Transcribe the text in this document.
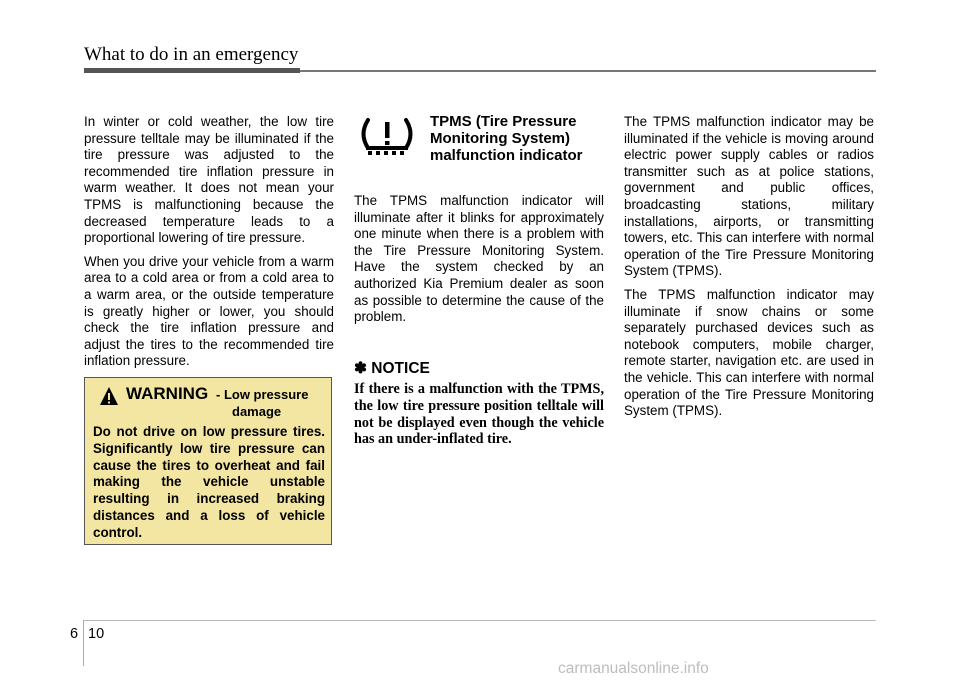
What to do in an emergency

In winter or cold weather, the low tire pressure telltale may be illuminated if the tire pressure was adjusted to the recommended tire inflation pressure in warm weather. It does not mean your TPMS is malfunctioning because the decreased temperature leads to a proportional lowering of tire pressure.

When you drive your vehicle from a warm area to a cold area or from a cold area to a warm area, or the outside temperature is greatly higher or lower, you should check the tire inflation pressure and adjust the tires to the recommended tire inflation pressure.

WARNING - Low pressure
damage

Do not drive on low pressure tires. Significantly low tire pressure can cause the tires to overheat and fail making the vehicle unstable resulting in increased braking distances and a loss of vehicle control.

TPMS (Tire Pressure Monitoring System) malfunction indicator

The TPMS malfunction indicator will illuminate after it blinks for approximately one minute when there is a problem with the Tire Pressure Monitoring System. Have the system checked by an authorized Kia Premium dealer as soon as possible to determine the cause of the problem.

✽ NOTICE

If there is a malfunction with the TPMS, the low tire pressure position telltale will not be displayed even though the vehicle has an under-inflated tire.

The TPMS malfunction indicator may be illuminated if the vehicle is moving around electric power supply cables or radios transmitter such as at police stations, government and public offices, broadcasting stations, military installations, airports, or transmitting towers, etc. This can interfere with normal operation of the Tire Pressure Monitoring System (TPMS).

The TPMS malfunction indicator may illuminate if snow chains or some separately purchased devices such as notebook computers, mobile charger, remote starter, navigation etc. are used in the vehicle. This can interfere with normal operation of the Tire Pressure Monitoring System (TPMS).

6 10
carmanualsonline.info
